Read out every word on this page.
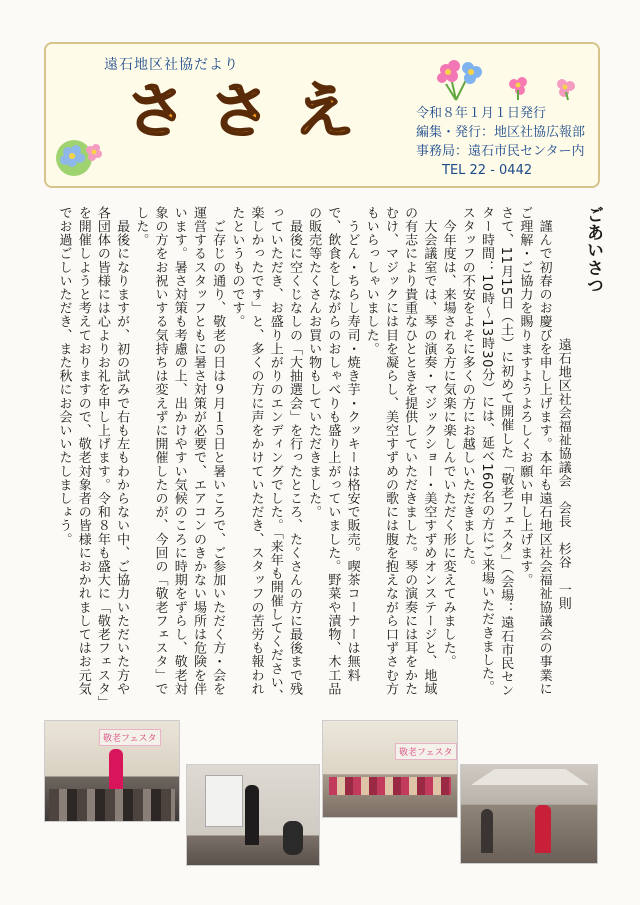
遠石地区社協だより
ささえ	令和８年１月１日発行
編集・発行：地区社協広報部
事務局：遠石市民センター内
TEL 22 - 0442

ごあいさつ

遠石地区社会福祉協議会　会長　杉谷　一則

　謹んで初春のお慶びを申し上げます。本年も遠石地区社会福祉協議会の事業にご理解・ご協力を賜りますようよろしくお願い申し上げます。

さて、11月15日（土）に初めて開催した「敬老フェスタ」（会場：遠石市民センター時間：10時～13時30分）には、延べ160名の方にご来場いただきました。スタッフの不安をよそに多くの方にお越しいただきました。

　今年度は、来場される方に気楽に楽しんでいただく形に変えてみました。

　大会議室では、琴の演奏・マジックショー・美空すずめオンステージと、地域の有志により貴重なひとときを提供していただきました。琴の演奏には耳をかたむけ、マジックには目を凝らし、美空すずめの歌には腹を抱えながら口ずさむ方もいらっしゃいました。

　うどん・ちらし寿司・焼き芋・クッキーは格安で販売。喫茶コーナーは無料で、飲食をしながらのおしゃべりも盛り上がっていました。野菜や漬物、木工品の販売等たくさんお買い物もしていただきました。

　最後に空くじなしの「大抽選会」を行ったところ、たくさんの方に最後まで残っていただき、お盛り上がりのエンディングでした。「来年も開催してください、楽しかったです」と、多くの方に声をかけていただき、スタッフの苦労も報われたというものです。

　ご存じの通り、敬老の日は９月１５日と暑いころで、ご参加いただく方・会を運営するスタッフともに暑さ対策が必要で、エアコンのきかない場所は危険を伴います。暑さ対策も考慮の上、出かけやすい気候のころに時期をずらし、敬老対象の方をお祝いする気持ちは変えずに開催したのが、今回の「敬老フェスタ」でした。

　最後になりますが、初の試みで右も左もわからない中、ご協力いただいた方や各団体の皆様には心よりお礼を申し上げます。令和８年も盛大に「敬老フェスタ」を開催しようと考えておりますので、敬老対象者の皆様におかれましてはお元気でお過ごしいただき、また秋にお会いいたしましょう。

敬老フェスタ
敬老フェスタ
